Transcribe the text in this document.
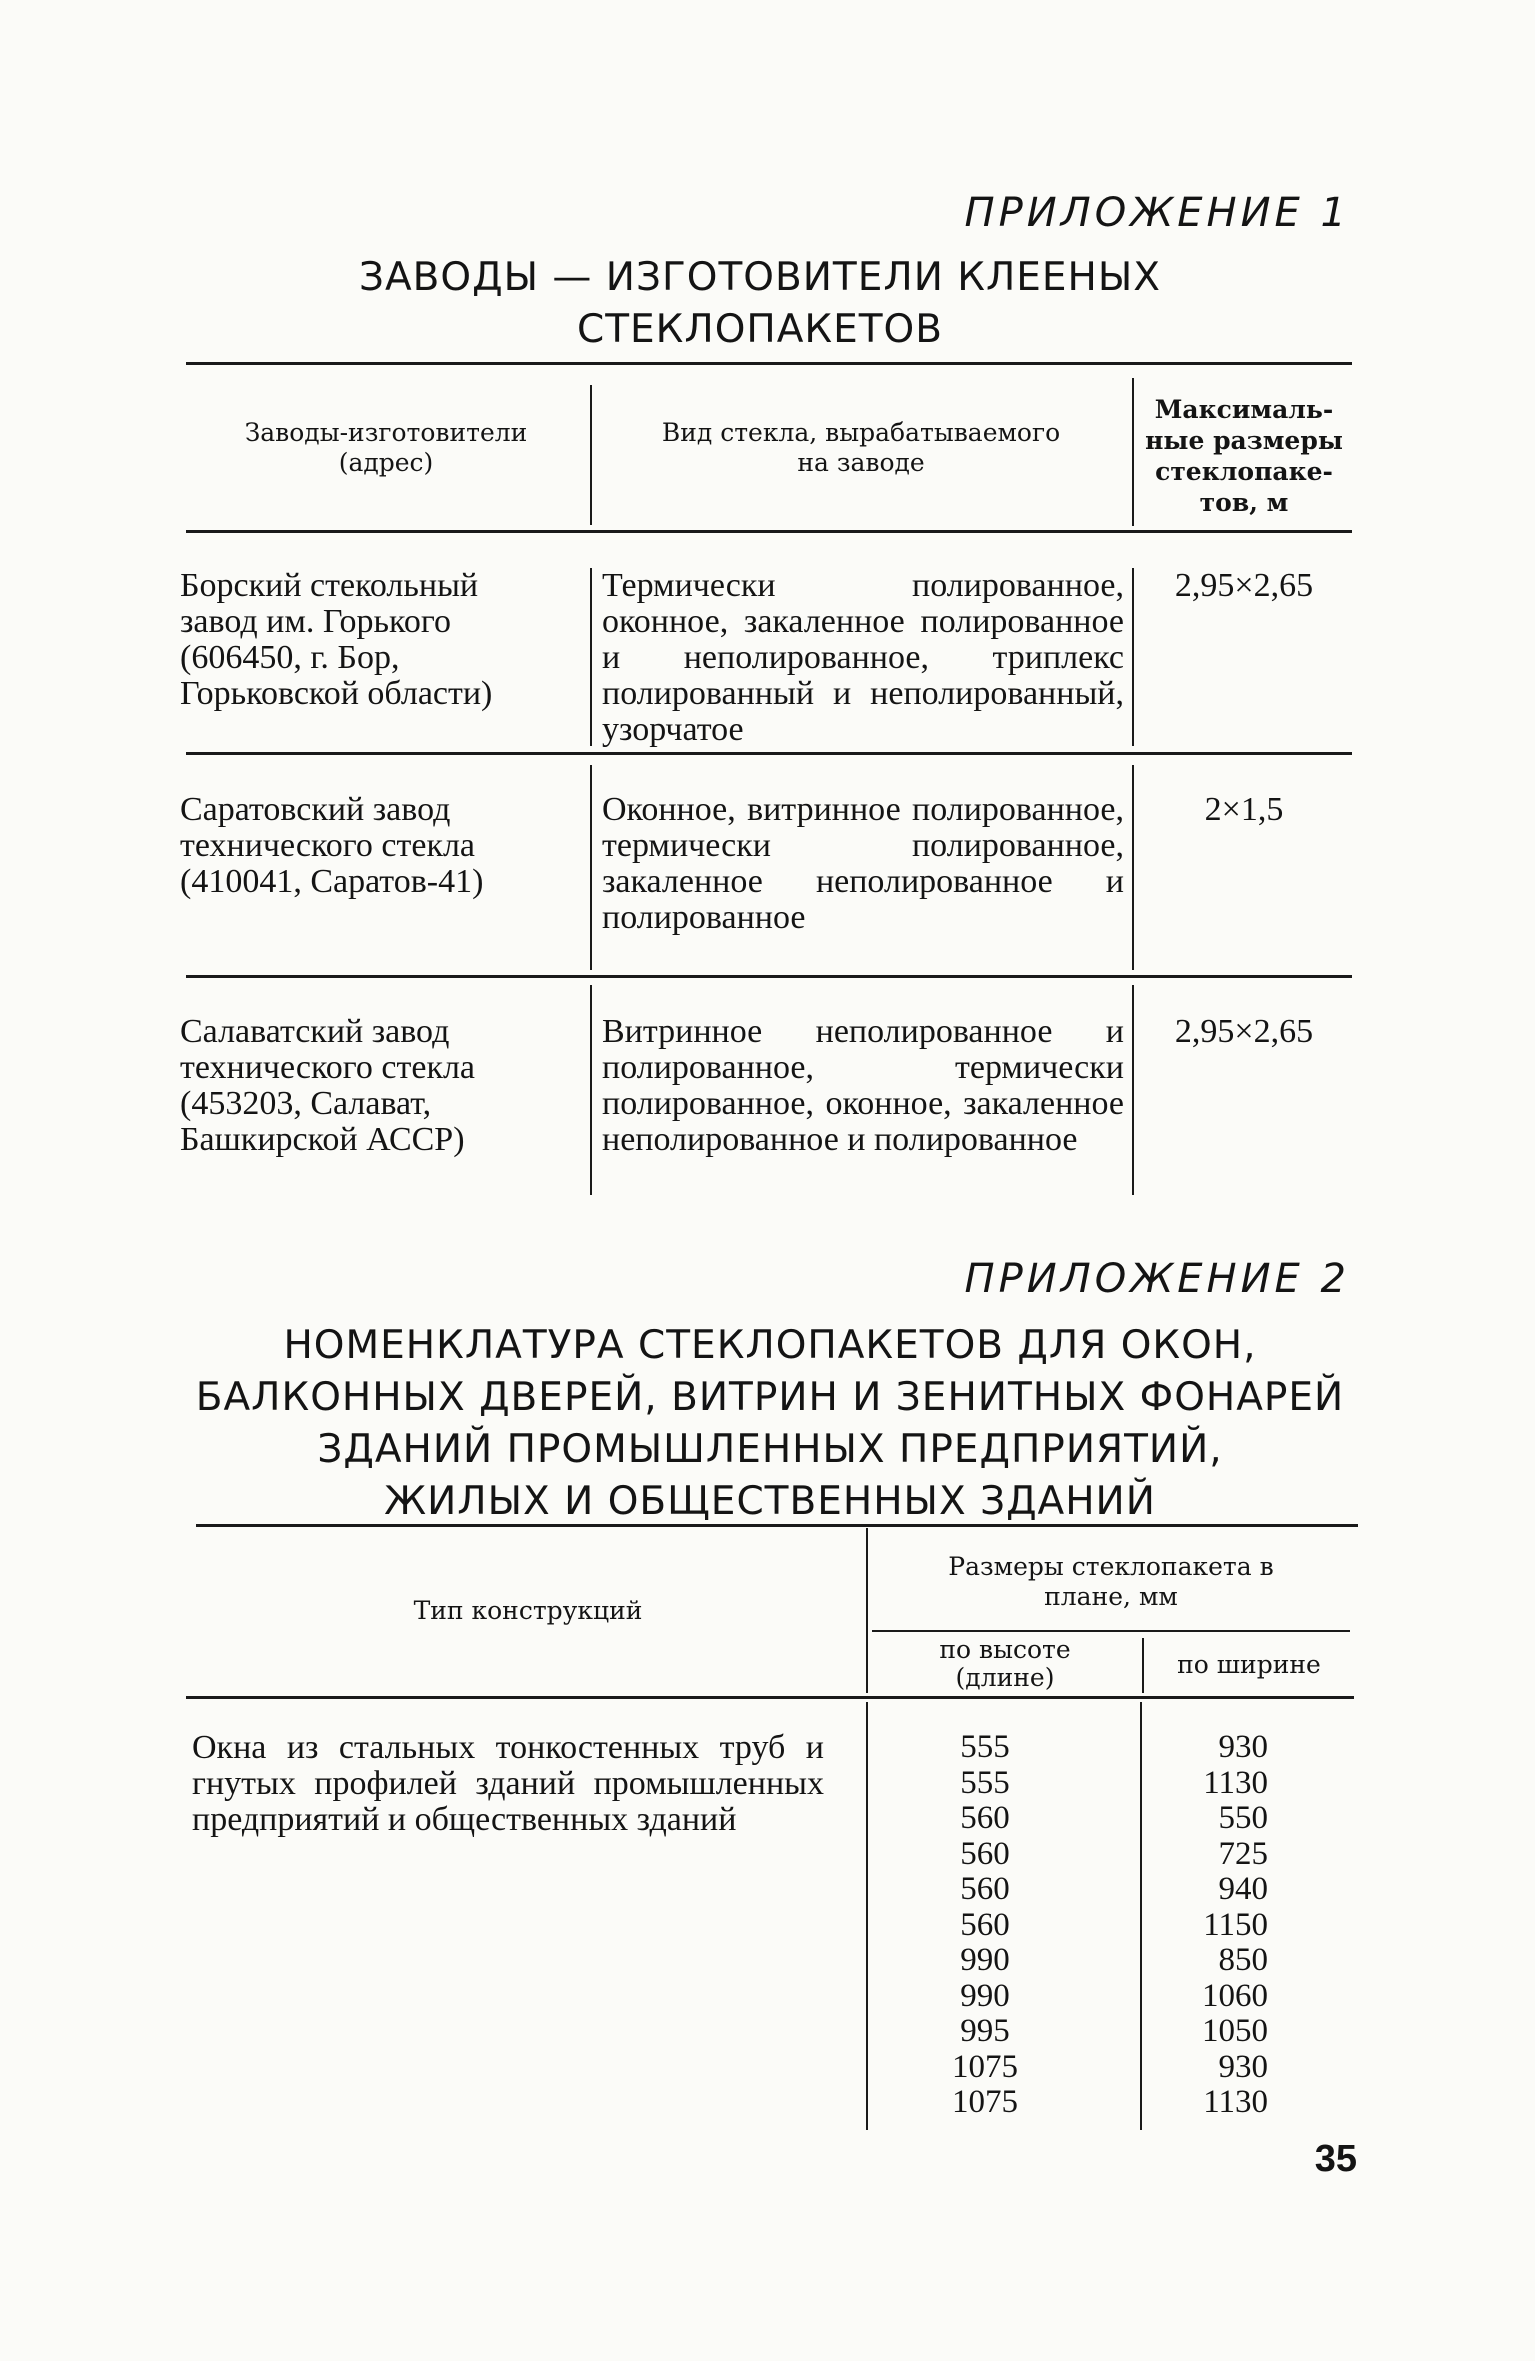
ПРИЛОЖЕНИЕ 1
ЗАВОДЫ — ИЗГОТОВИТЕЛИ КЛЕЕНЫХ
СТЕКЛОПАКЕТОВ
Заводы-изготовители
(адрес)
Вид стекла, вырабатываемого
на заводе
Максималь-
ные размеры
стеклопаке-
тов, м
Борский стекольный завод им. Горького (606450, г. Бор, Горьковской области)
Термически полированное, оконное, закаленное полированное и неполированное, триплекс полированный и неполированный, узорчатое
2,95×2,65
Саратовский завод технического стекла (410041, Саратов-41)
Оконное, витринное полированное, термически полированное, закаленное неполированное и полированное
2×1,5
Салаватский завод технического стекла (453203, Салават, Башкирской АССР)
Витринное неполированное и полированное, термически полированное, оконное, закаленное неполированное и полированное
2,95×2,65
ПРИЛОЖЕНИЕ 2
НОМЕНКЛАТУРА СТЕКЛОПАКЕТОВ ДЛЯ ОКОН,
БАЛКОННЫХ ДВЕРЕЙ, ВИТРИН И ЗЕНИТНЫХ ФОНАРЕЙ
ЗДАНИЙ ПРОМЫШЛЕННЫХ ПРЕДПРИЯТИЙ,
ЖИЛЫХ И ОБЩЕСТВЕННЫХ ЗДАНИЙ
Тип конструкций
Размеры стеклопакета в
плане, мм
по высоте
(длине)	по ширине
Окна из стальных тонкостенных труб и гнутых профилей зданий промышленных предприятий и общественных зданий
555
555
560
560
560
560
990
990
995
1075
1075
930
1130
550
725
940
1150
850
1060
1050
930
1130
35
